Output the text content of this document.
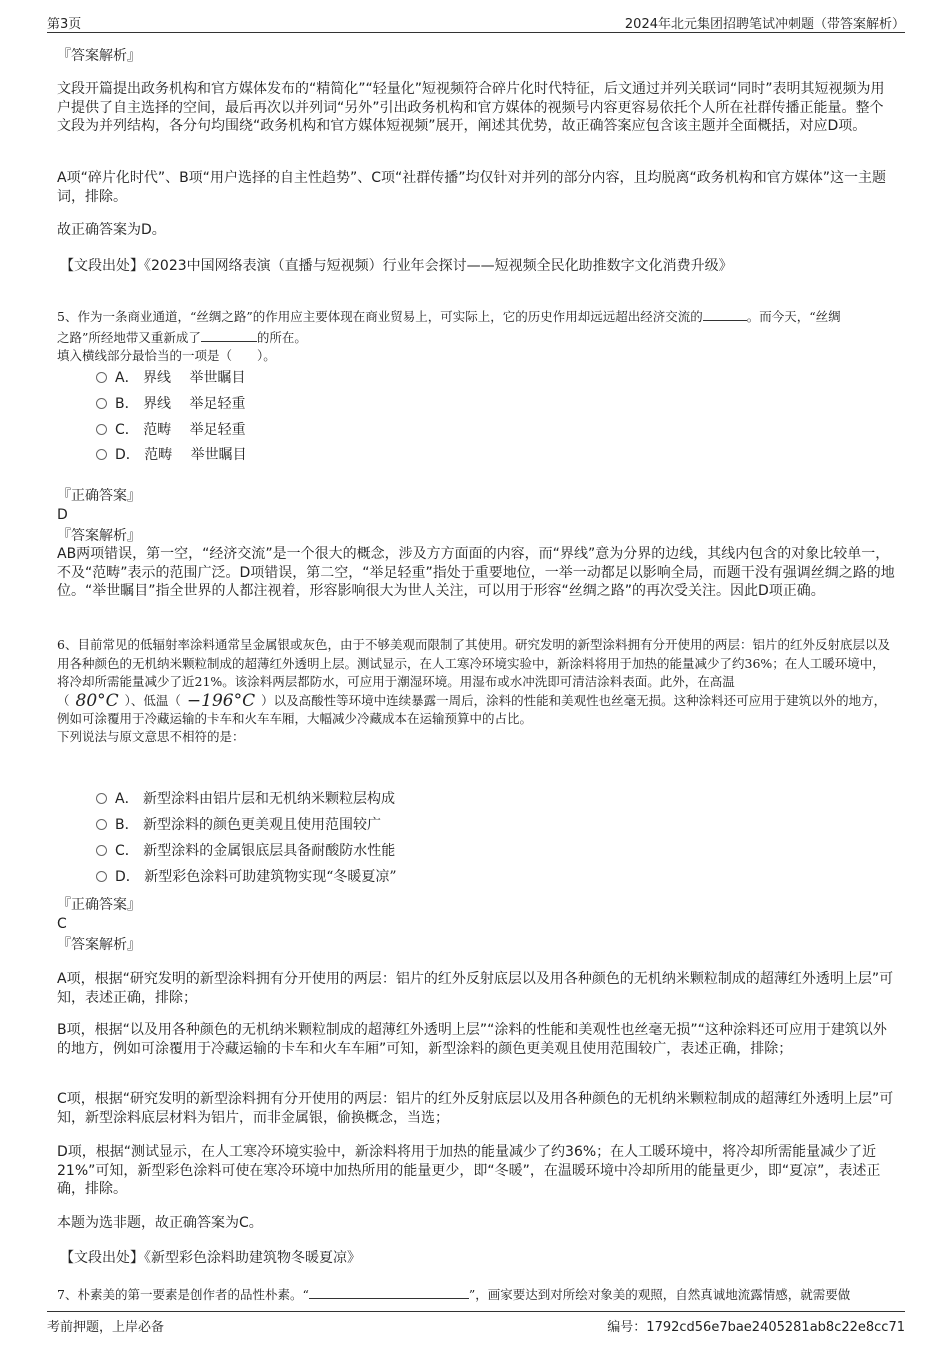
第3页	2024年北元集团招聘笔试冲刺题（带答案解析）
『答案解析』
文段开篇提出政务机构和官方媒体发布的“精简化”“轻量化”短视频符合碎片化时代特征，后文通过并列关联词“同时”表明其短视频为用户提供了自主选择的空间，最后再次以并列词“另外”引出政务机构和官方媒体的视频号内容更容易依托个人所在社群传播正能量。整个文段为并列结构，各分句均围绕“政务机构和官方媒体短视频”展开，阐述其优势，故正确答案应包含该主题并全面概括，对应D项。
A项“碎片化时代”、B项“用户选择的自主性趋势”、C项“社群传播”均仅针对并列的部分内容，且均脱离“政务机构和官方媒体”这一主题词，排除。
故正确答案为D。
【文段出处】《2023中国网络表演（直播与短视频）行业年会探讨——短视频全民化助推数字文化消费升级》
5、作为一条商业通道，“丝绸之路”的作用应主要体现在商业贸易上，可实际上，它的历史作用却远远超出经济交流的	。而今天，“丝绸
之路”所经地带又重新成了	的所在。
填入横线部分最恰当的一项是（　　）。
A． 界线　 举世瞩目
B． 界线　 举足轻重
C． 范畴　 举足轻重
D． 范畴　 举世瞩目
『正确答案』
D
『答案解析』
AB两项错误，第一空，“经济交流”是一个很大的概念，涉及方方面面的内容，而“界线”意为分界的边线，其线内包含的对象比较单一，不及“范畴”表示的范围广泛。D项错误，第二空，“举足轻重”指处于重要地位，一举一动都足以影响全局，而题干没有强调丝绸之路的地位。“举世瞩目”指全世界的人都注视着，形容影响很大为世人关注，可以用于形容“丝绸之路”的再次受关注。因此D项正确。
6、目前常见的低辐射率涂料通常呈金属银或灰色，由于不够美观而限制了其使用。研究发明的新型涂料拥有分开使用的两层：铝片的红外反射底层以及用各种颜色的无机纳米颗粒制成的超薄红外透明上层。测试显示，在人工寒冷环境实验中，新涂料将用于加热的能量减少了约36%；在人工暖环境中，将冷却所需能量减少了近21%。该涂料两层都防水，可应用于潮湿环境。用湿布或水冲洗即可清洁涂料表面。此外，在高温
（ 80°C ）、低温（ −196°C ）以及高酸性等环境中连续暴露一周后，涂料的性能和美观性也丝毫无损。这种涂料还可应用于建筑以外的地方，例如可涂覆用于冷藏运输的卡车和火车车厢，大幅减少冷藏成本在运输预算中的占比。
下列说法与原文意思不相符的是：
A． 新型涂料由铝片层和无机纳米颗粒层构成
B． 新型涂料的颜色更美观且使用范围较广
C． 新型涂料的金属银底层具备耐酸防水性能
D． 新型彩色涂料可助建筑物实现“冬暖夏凉”
『正确答案』
C
『答案解析』
A项，根据“研究发明的新型涂料拥有分开使用的两层：铝片的红外反射底层以及用各种颜色的无机纳米颗粒制成的超薄红外透明上层”可知，表述正确，排除；
B项，根据“以及用各种颜色的无机纳米颗粒制成的超薄红外透明上层”“涂料的性能和美观性也丝毫无损”“这种涂料还可应用于建筑以外的地方，例如可涂覆用于冷藏运输的卡车和火车车厢”可知，新型涂料的颜色更美观且使用范围较广，表述正确，排除；
C项，根据“研究发明的新型涂料拥有分开使用的两层：铝片的红外反射底层以及用各种颜色的无机纳米颗粒制成的超薄红外透明上层”可知，新型涂料底层材料为铝片，而非金属银，偷换概念，当选；
D项，根据“测试显示，在人工寒冷环境实验中，新涂料将用于加热的能量减少了约36%；在人工暖环境中，将冷却所需能量减少了近21%”可知，新型彩色涂料可使在寒冷环境中加热所用的能量更少，即“冬暖”，在温暖环境中冷却所用的能量更少，即“夏凉”，表述正确，排除。
本题为选非题，故正确答案为C。
【文段出处】《新型彩色涂料助建筑物冬暖夏凉》
7、朴素美的第一要素是创作者的品性朴素。“	”，画家要达到对所绘对象美的观照，自然真诚地流露情感，就需要做
考前押题，上岸必备	编号：1792cd56e7bae2405281ab8c22e8cc71
